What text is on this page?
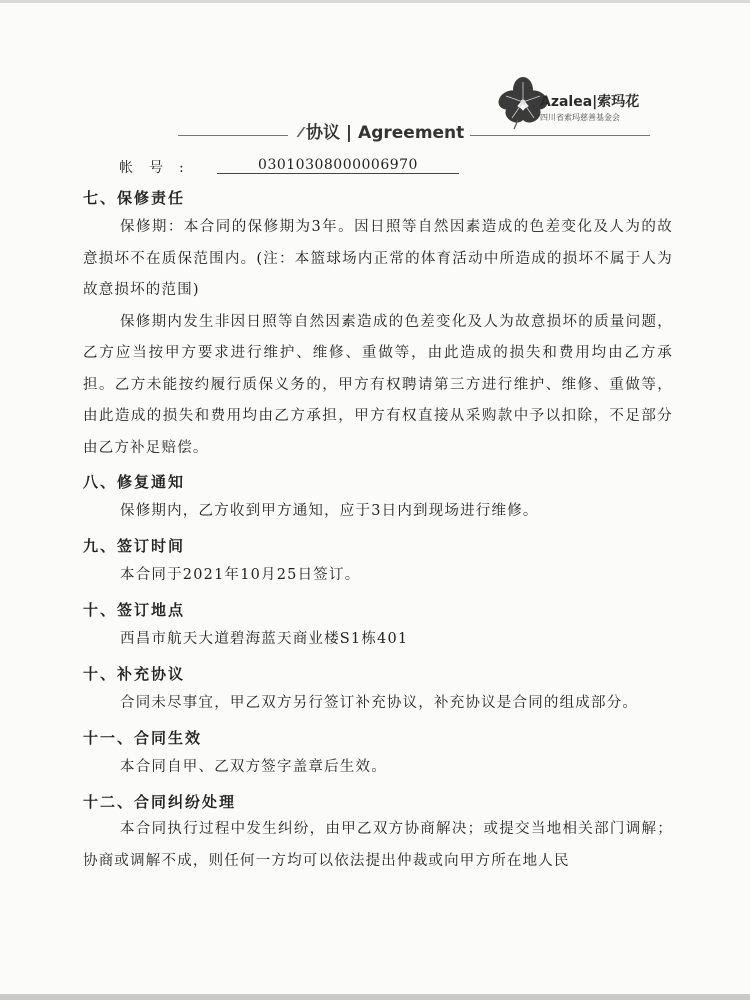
Azalea|索玛花
四川省索玛慈善基金会
协议 | Agreement
帐号:	03010308000006970

七、保修责任

保修期：本合同的保修期为3年。因日照等自然因素造成的色差变化及人为的故意损坏不在质保范围内。(注：本篮球场内正常的体育活动中所造成的损坏不属于人为故意损坏的范围)

保修期内发生非因日照等自然因素造成的色差变化及人为故意损坏的质量问题，乙方应当按甲方要求进行维护、维修、重做等，由此造成的损失和费用均由乙方承担。乙方未能按约履行质保义务的，甲方有权聘请第三方进行维护、维修、重做等，由此造成的损失和费用均由乙方承担，甲方有权直接从采购款中予以扣除，不足部分由乙方补足赔偿。

八、修复通知

保修期内，乙方收到甲方通知，应于3日内到现场进行维修。

九、签订时间

本合同于2021年10月25日签订。

十、签订地点

西昌市航天大道碧海蓝天商业楼S1栋401

十、补充协议

合同未尽事宜，甲乙双方另行签订补充协议，补充协议是合同的组成部分。

十一、合同生效

本合同自甲、乙双方签字盖章后生效。

十二、合同纠纷处理

本合同执行过程中发生纠纷，由甲乙双方协商解决；或提交当地相关部门调解；协商或调解不成，则任何一方均可以依法提出仲裁或向甲方所在地人民
